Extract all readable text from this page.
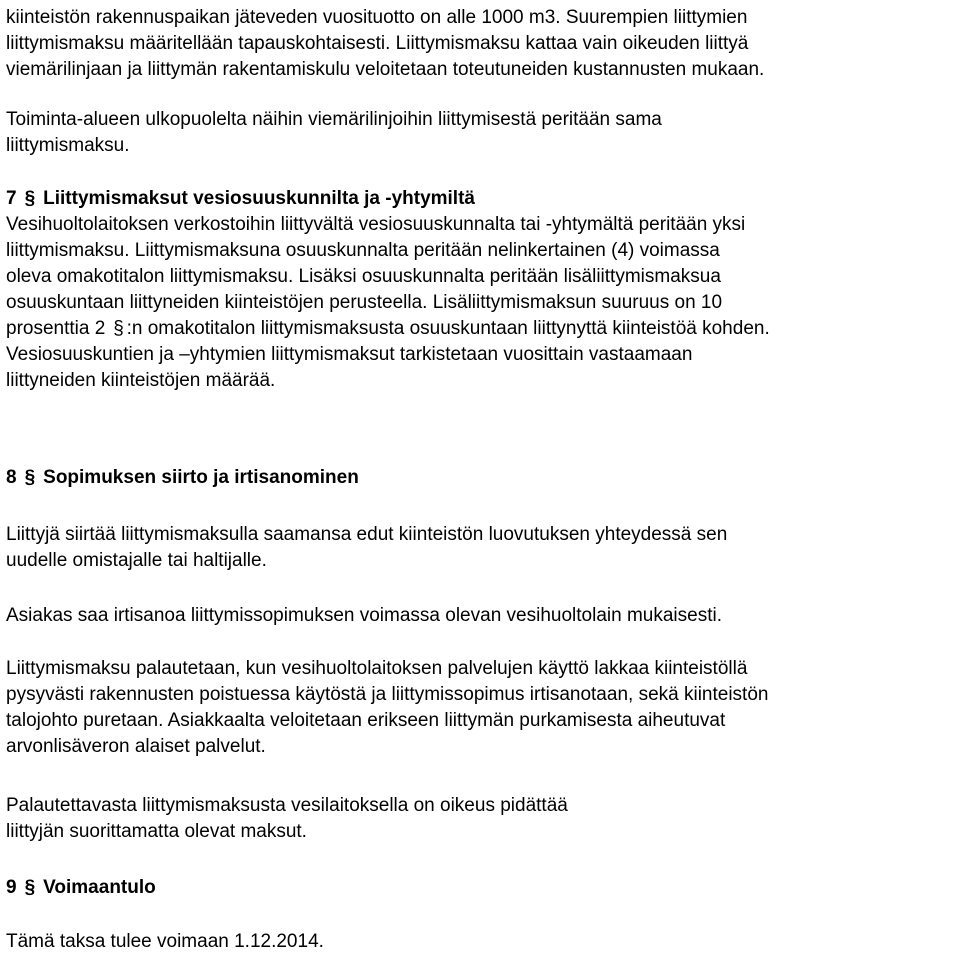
kiinteistön rakennuspaikan jäteveden vuosituotto on alle 1000 m3. Suurempien liittymien
liittymismaksu määritellään tapauskohtaisesti. Liittymismaksu kattaa vain oikeuden liittyä
viemärilinjaan ja liittymän rakentamiskulu veloitetaan toteutuneiden kustannusten mukaan.
Toiminta-alueen ulkopuolelta näihin viemärilinjoihin liittymisestä peritään sama
liittymismaksu.
7 § Liittymismaksut vesiosuuskunnilta ja -yhtymiltä
Vesihuoltolaitoksen verkostoihin liittyvältä vesiosuuskunnalta tai -yhtymältä peritään yksi
liittymismaksu. Liittymismaksuna osuuskunnalta peritään nelinkertainen (4) voimassa
oleva omakotitalon liittymismaksu. Lisäksi osuuskunnalta peritään lisäliittymismaksua
osuuskuntaan liittyneiden kiinteistöjen perusteella. Lisäliittymismaksun suuruus on 10
prosenttia 2 § :n omakotitalon liittymismaksusta osuuskuntaan liittynyttä kiinteistöä kohden.
Vesiosuuskuntien ja –yhtymien liittymismaksut tarkistetaan vuosittain vastaamaan
liittyneiden kiinteistöjen määrää.
8 § Sopimuksen siirto ja irtisanominen
Liittyjä siirtää liittymismaksulla saamansa edut kiinteistön luovutuksen yhteydessä sen
uudelle omistajalle tai haltijalle.
Asiakas saa irtisanoa liittymissopimuksen voimassa olevan vesihuoltolain mukaisesti.
Liittymismaksu palautetaan, kun vesihuoltolaitoksen palvelujen käyttö lakkaa kiinteistöllä
pysyvästi rakennusten poistuessa käytöstä ja liittymissopimus irtisanotaan, sekä kiinteistön
talojohto puretaan. Asiakkaalta veloitetaan erikseen liittymän purkamisesta aiheutuvat
arvonlisäveron alaiset palvelut.
Palautettavasta liittymismaksusta vesilaitoksella on oikeus pidättää
liittyjän suorittamatta olevat maksut.
9 § Voimaantulo
Tämä taksa tulee voimaan 1.12.2014.
